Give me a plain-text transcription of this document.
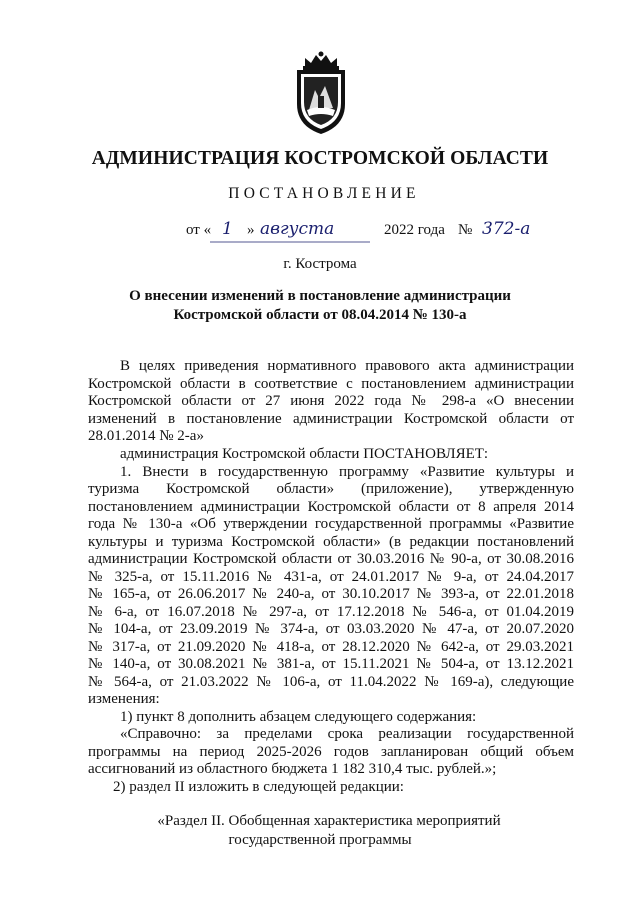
АДМИНИСТРАЦИЯ КОСТРОМСКОЙ ОБЛАСТИ
ПОСТАНОВЛЕНИЕ
от « 1 » августа	2022 года № 372-а
г. Кострома
О внесении изменений в постановление администрации
Костромской области от 08.04.2014 № 130-а
В целях приведения нормативного правового акта администрации
Костромской области в соответствие с постановлением администрации
Костромской области от 27 июня 2022 года № 298-а «О внесении
изменений в постановление администрации Костромской области от
28.01.2014 № 2-а»
администрация Костромской области ПОСТАНОВЛЯЕТ:
1. Внести в государственную программу «Развитие культуры и
туризма Костромской области» (приложение), утвержденную
постановлением администрации Костромской области от 8 апреля 2014
года № 130-а «Об утверждении государственной программы «Развитие
культуры и туризма Костромской области» (в редакции постановлений
администрации Костромской области от 30.03.2016 № 90-а, от 30.08.2016
№ 325-а, от 15.11.2016 № 431-а, от 24.01.2017 № 9-а, от 24.04.2017
№ 165-а, от 26.06.2017 № 240-а, от 30.10.2017 № 393-а, от 22.01.2018
№ 6-а, от 16.07.2018 № 297-а, от 17.12.2018 № 546-а, от 01.04.2019
№ 104-а, от 23.09.2019 № 374-а, от 03.03.2020 № 47-а, от 20.07.2020
№ 317-а, от 21.09.2020 № 418-а, от 28.12.2020 № 642-а, от 29.03.2021
№ 140-а, от 30.08.2021 № 381-а, от 15.11.2021 № 504-а, от 13.12.2021
№ 564-а, от 21.03.2022 № 106-а, от 11.04.2022 № 169-а), следующие
изменения:
1) пункт 8 дополнить абзацем следующего содержания:
«Справочно: за пределами срока реализации государственной
программы на период 2025-2026 годов запланирован общий объем
ассигнований из областного бюджета 1 182 310,4 тыс. рублей.»;
2) раздел II изложить в следующей редакции:
«Раздел II. Обобщенная характеристика мероприятий
государственной программы
